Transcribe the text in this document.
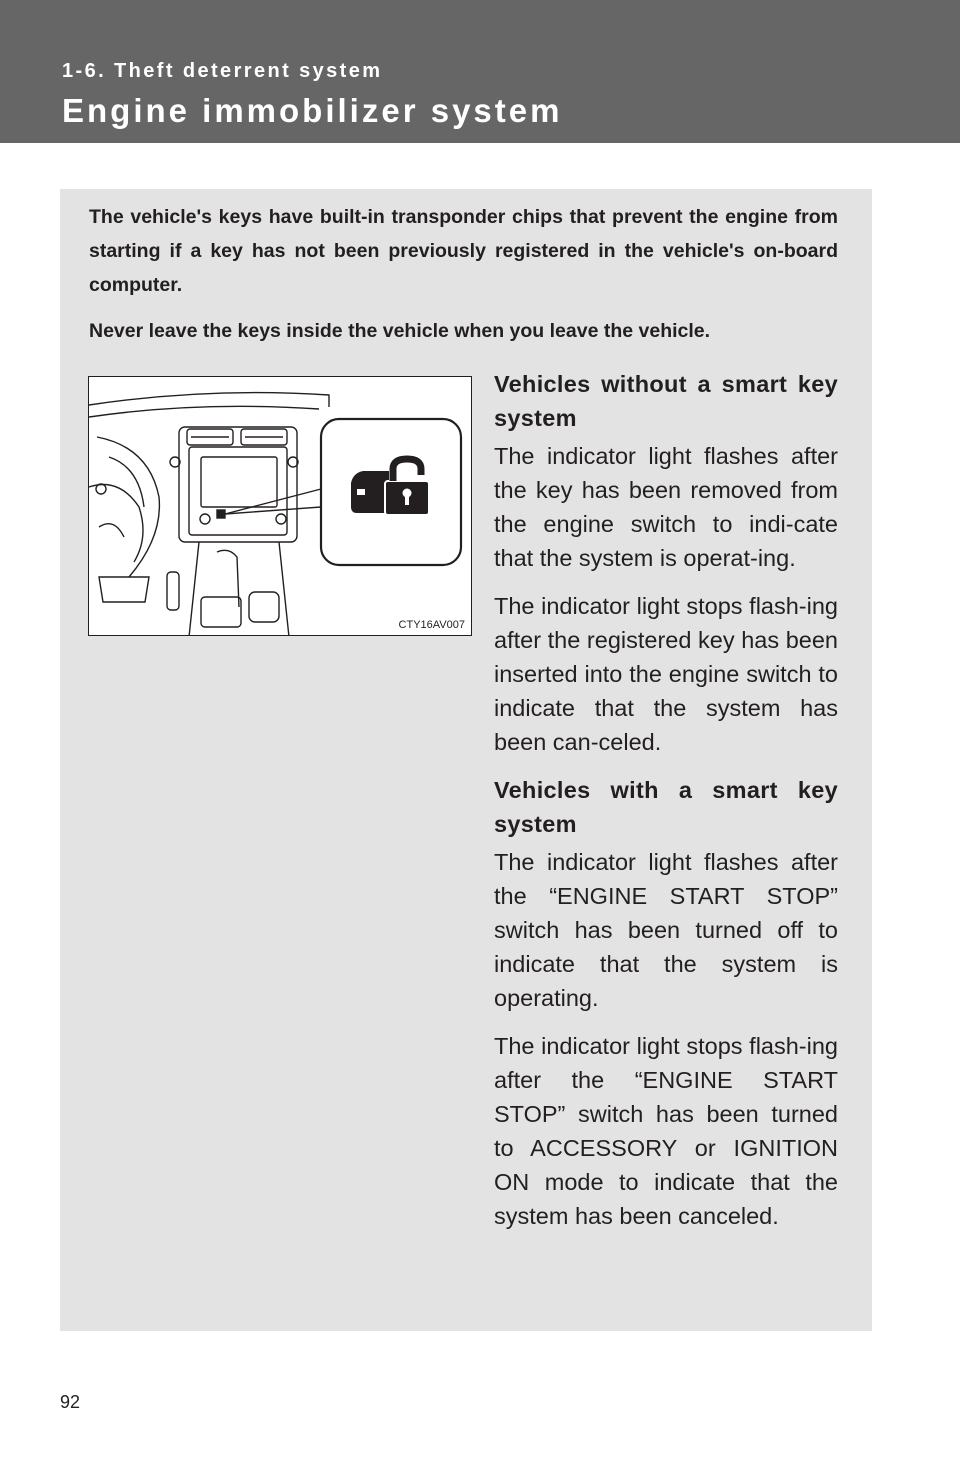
1-6. Theft deterrent system
Engine immobilizer system

The vehicle's keys have built-in transponder chips that prevent the engine from starting if a key has not been previously registered in the vehicle's on-board computer.

Never leave the keys inside the vehicle when you leave the vehicle.

CTY16AV007
Vehicles without a smart key system

The indicator light flashes after the key has been removed from the engine switch to indi-cate that the system is operat-ing.

The indicator light stops flash-ing after the registered key has been inserted into the engine switch to indicate that the system has been can-celed.

Vehicles with a smart key system

The indicator light flashes after the “ENGINE START STOP” switch has been turned off to indicate that the system is operating.

The indicator light stops flash-ing after the “ENGINE START STOP” switch has been turned to ACCESSORY or IGNITION ON mode to indicate that the system has been canceled.

92
